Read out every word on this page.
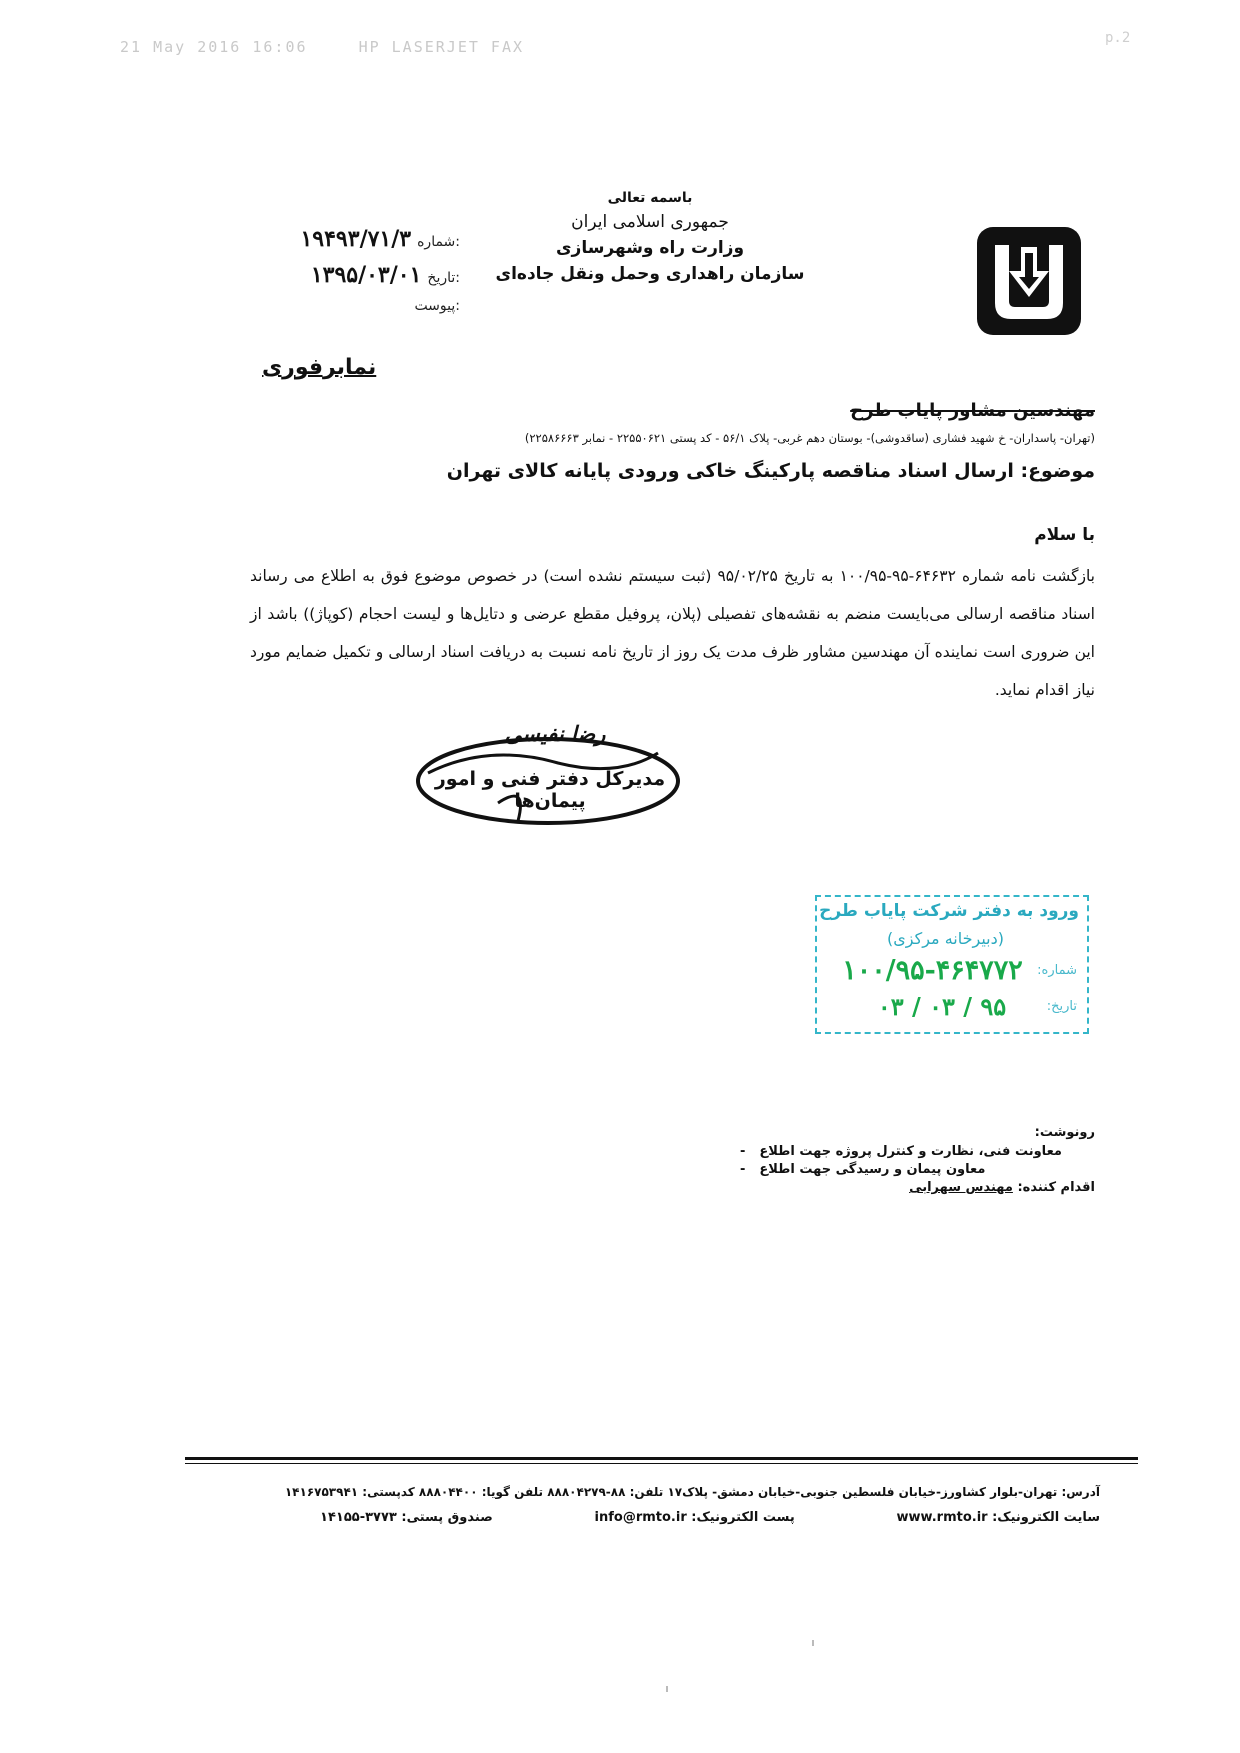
21 May 2016 16:06	HP LASERJET FAX	p.2
باسمه تعالی
جمهوری اسلامی ایران
وزارت راه وشهرسازی
سازمان راهداری وحمل ونقل جاده‌ای
شماره:
۱۹۴۹۳/۷۱/۳
تاریخ:
۱۳۹۵/۰۳/۰۱
پیوست:
نمابرفوری
مهندسین مشاور پایاب طرح
(تهران- پاسداران- خ شهید فشاری (ساقدوشی)- بوستان دهم غربی- پلاک ۵۶/۱ - کد پستی ۲۲۵۵۰۶۲۱ - نمابر ۲۲۵۸۶۶۶۳)
موضوع: ارسال اسناد مناقصه پارکینگ خاکی ورودی پایانه کالای تهران
با سلام
بازگشت نامه شماره ۶۴۶۳۲-۹۵-۱۰۰/۹۵ به تاریخ ۹۵/۰۲/۲۵ (ثبت سیستم نشده است) در خصوص موضوع فوق به اطلاع می رساند اسناد مناقصه ارسالی می‌بایست منضم به نقشه‌های تفصیلی (پلان، پروفیل مقطع عرضی و دتایل‌ها و لیست احجام (کوپاژ)) باشد از این ضروری است نماینده آن مهندسین مشاور ظرف مدت یک روز از تاریخ نامه نسبت به دریافت اسناد ارسالی و تکمیل ضمایم مورد نیاز اقدام نماید.
رضا نفیسی
مدیرکل دفتر فنی و امور پیمان‌ها
ورود به دفتر شرکت پایاب طرح
(دبیرخانه مرکزی)
شماره:
۱۰۰/۹۵-۴۶۴۷۷۲
تاریخ:
۹۵ / ۰۳ / ۰۳
رونوشت:
- معاونت فنی، نظارت و کنترل پروژه جهت اطلاع
- معاون پیمان و رسیدگی جهت اطلاع
اقدام کننده: مهندس سهرابی
آدرس: تهران-بلوار کشاورز-خیابان فلسطین جنوبی-خیابان دمشق- پلاک۱۷ تلفن: ۸۸-۸۸۸۰۴۲۷۹ تلفن گویا: ۸۸۸۰۴۴۰۰ کدپستی: ۱۴۱۶۷۵۳۹۴۱
صندوق پستی: ۳۷۷۳-۱۴۱۵۵	پست الکترونیک: info@rmto.ir	سایت الکترونیک: www.rmto.ir
